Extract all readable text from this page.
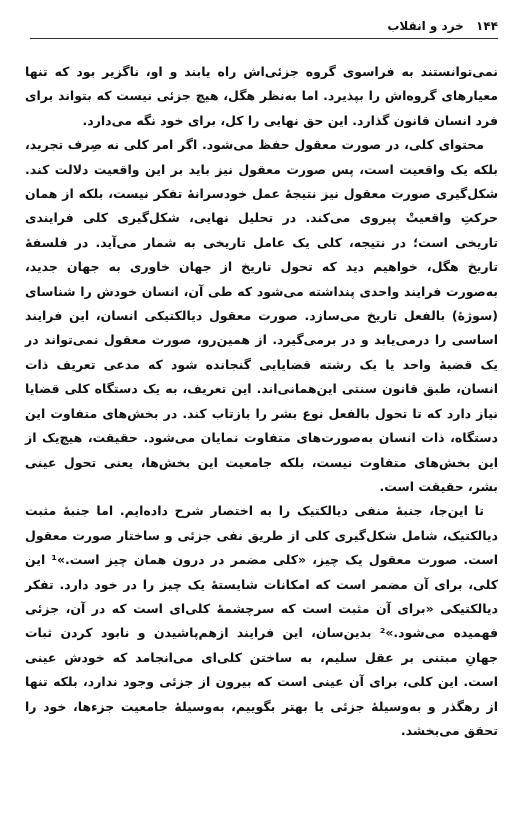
۱۴۴ خرد و انقلاب

نمی‌توانستند به فراسوی گروه جزئی‌اش راه یابند و او، ناگزیر بود که تنها معیارهای گروه‌اش را بپذیرد. اما به‌نظر هگل، هیچ جزئی نیست که بتواند برای فرد انسان قانون گذارد. این حق نهایی را کل، برای خود نگه می‌دارد.

محتوای کلی، در صورت معقول حفظ می‌شود. اگر امر کلی نه صِرف تجرید، بلکه یک واقعیت است، پس صورت معقول نیز باید بر این واقعیت دلالت کند. شکل‌گیری صورت معقول نیز نتیجهٔ عمل خودسرانهٔ تفکر نیست، بلکه از همان حرکتِ واقعیتْ پیروی می‌کند. در تحلیل نهایی، شکل‌گیری کلی فرایندی تاریخی است؛ در نتیجه، کلی یک عامل تاریخی به شمار می‌آید. در فلسفهٔ تاریخ هگل، خواهیم دید که تحول تاریخ از جهان خاوری به جهان جدید، به‌صورت فرایند واحدی پنداشته می‌شود که طی آن، انسان خودش را شناسای (سوژهٔ) بالفعل تاریخ می‌سازد. صورت معقول دیالکتیکی انسان، این فرایند اساسی را درمی‌یابد و در برمی‌گیرد. از همین‌رو، صورت معقول نمی‌تواند در یک قضیهٔ واحد یا یک رشته قضایایی گنجانده شود که مدعی تعریف ذات انسان، طبق قانون سنتی این‌همانی‌اند. این تعریف، به یک دستگاه کلی قضایا نیاز دارد که تا تحول بالفعل نوع بشر را بازتاب کند. در بخش‌های متفاوت این دستگاه، ذات انسان به‌صورت‌های متفاوت نمایان می‌شود. حقیقت، هیچ‌یک از این بخش‌های متفاوت نیست، بلکه جامعیت این بخش‌ها، یعنی تحول عینی بشر، حقیقت است.

تا این‌جا، جنبهٔ منفی دیالکتیک را به اختصار شرح داده‌ایم. اما جنبهٔ مثبت دیالکتیک، شامل شکل‌گیری کلی از طریق نفی جزئی و ساختار صورت معقول است. صورت معقول یک چیز، «کلی مضمر در درون همان چیز است.»¹ این کلی، برای آن مضمر است که امکانات شایستهٔ یک چیز را در خود دارد. تفکر دیالکتیکی «برای آن مثبت است که سرچشمهٔ کلی‌ای است که در آن، جزئی فهمیده می‌شود.»² بدین‌سان، این فرایند ازهم‌پاشیدن و نابود کردن ثبات جهانِ مبتنی بر عقل سلیم، به ساختن کلی‌ای می‌انجامد که خودش عینی است. این کلی، برای آن عینی است که بیرون از جزئی وجود ندارد، بلکه تنها از رهگذر و به‌وسیلهٔ جزئی یا بهتر بگوییم، به‌وسیلهٔ جامعیت جزءها، خود را تحقق می‌بخشد.
